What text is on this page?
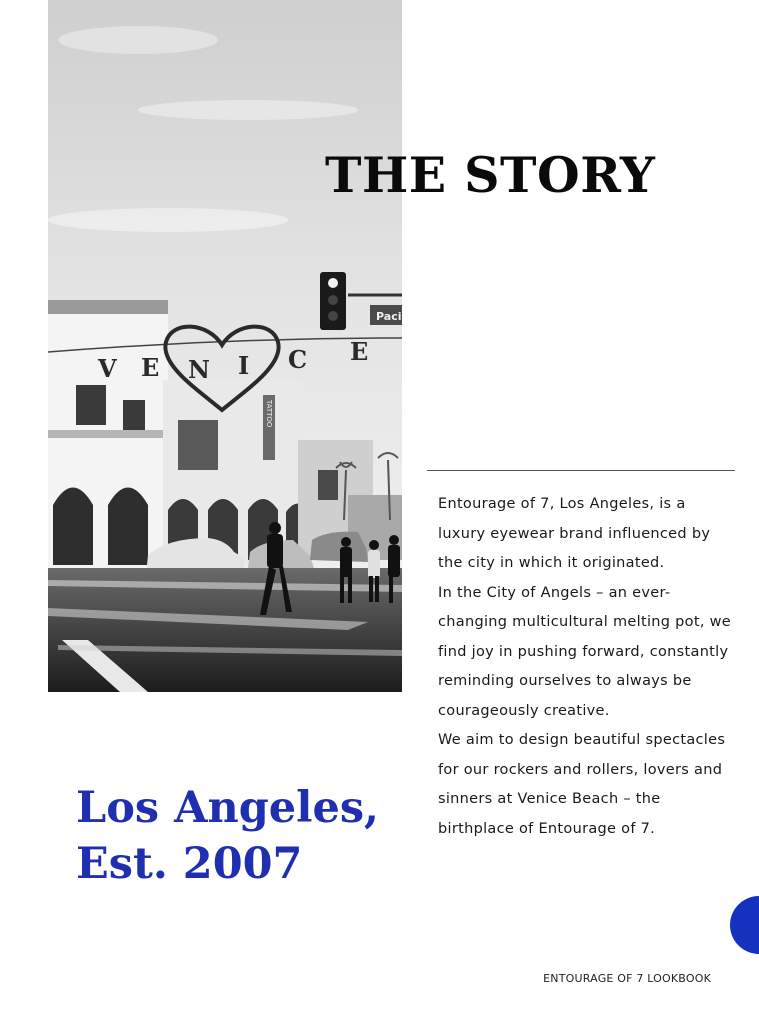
TATTOO
Paci
V E N I C E
THE STORY

Entourage of 7, Los Angeles, is a luxury eyewear brand influenced by the city in which it originated.

In the City of Angels – an ever-changing multicultural melting pot, we find joy in pushing forward, constantly reminding ourselves to always be courageously creative.

We aim to design beautiful spectacles for our rockers and rollers, lovers and sinners at Venice Beach – the birthplace of Entourage of 7.

Los Angeles,
Est. 2007
ENTOURAGE OF 7 LOOKBOOK
